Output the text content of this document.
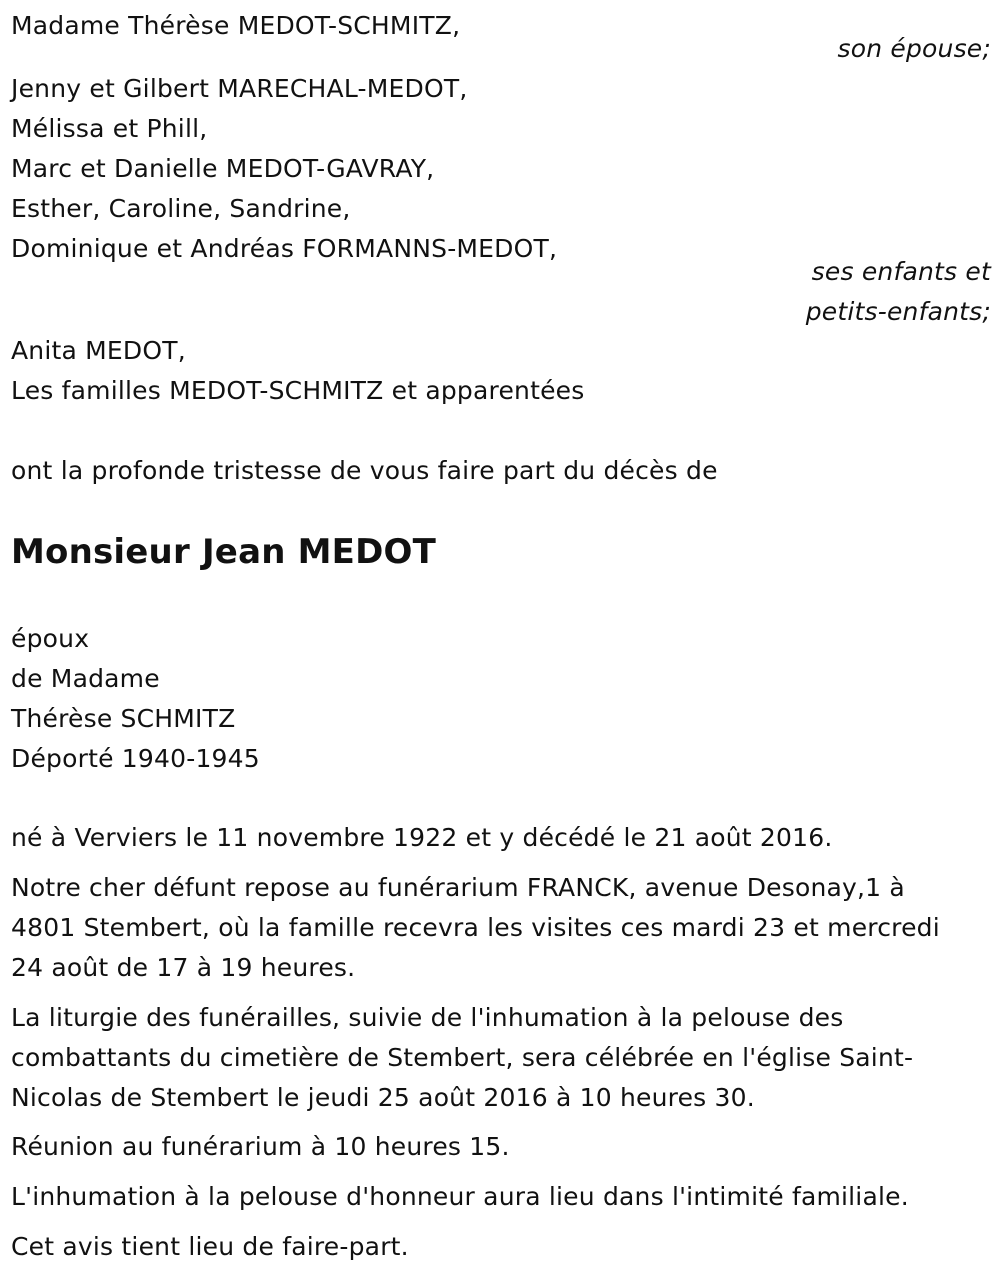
Madame Thérèse MEDOT-SCHMITZ,
son épouse;
Jenny et Gilbert MARECHAL-MEDOT,
Mélissa et Phill,
Marc et Danielle MEDOT-GAVRAY,
Esther, Caroline, Sandrine,
Dominique et Andréas FORMANNS-MEDOT,
ses enfants et
petits-enfants;
Anita MEDOT,
Les familles MEDOT-SCHMITZ et apparentées
ont la profonde tristesse de vous faire part du décès de
Monsieur Jean MEDOT
époux
de Madame
Thérèse SCHMITZ
Déporté 1940-1945
né à Verviers le 11 novembre 1922 et y décédé le 21 août 2016.
Notre cher défunt repose au funérarium FRANCK, avenue Desonay,1 à
4801 Stembert, où la famille recevra les visites ces mardi 23 et mercredi
24 août de 17 à 19 heures.
La liturgie des funérailles, suivie de l'inhumation à la pelouse des
combattants du cimetière de Stembert, sera célébrée en l'église Saint-
Nicolas de Stembert le jeudi 25 août 2016 à 10 heures 30.
Réunion au funérarium à 10 heures 15.
L'inhumation à la pelouse d'honneur aura lieu dans l'intimité familiale.
Cet avis tient lieu de faire-part.
